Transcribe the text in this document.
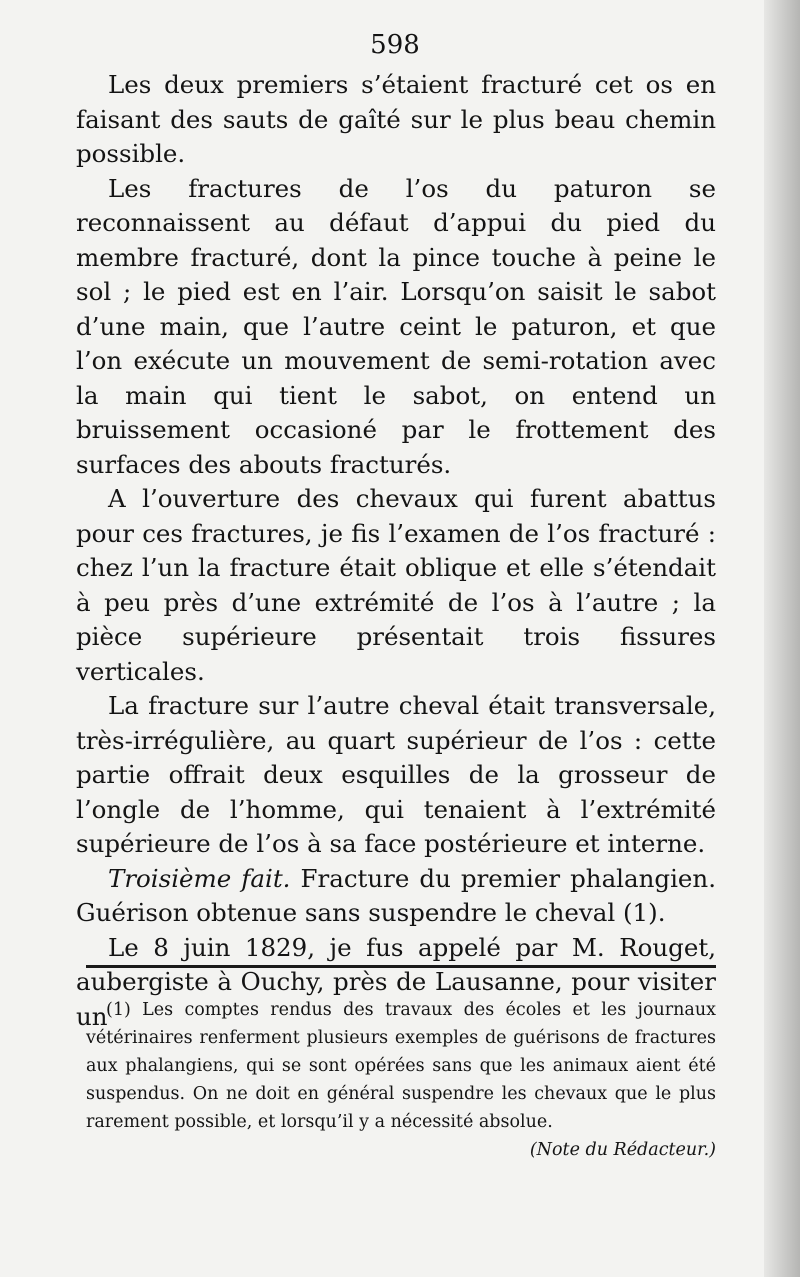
598

Les deux premiers s’étaient fracturé cet os en faisant des sauts de gaîté sur le plus beau chemin possible.

Les fractures de l’os du paturon se reconnaissent au défaut d’appui du pied du membre fracturé, dont la pince touche à peine le sol ; le pied est en l’air. Lorsqu’on saisit le sabot d’une main, que l’autre ceint le paturon, et que l’on exécute un mouvement de semi-rotation avec la main qui tient le sabot, on entend un bruissement occasioné par le frottement des surfaces des abouts fracturés.

A l’ouverture des chevaux qui furent abattus pour ces fractures, je fis l’examen de l’os fracturé : chez l’un la fracture était oblique et elle s’étendait à peu près d’une extrémité de l’os à l’autre ; la pièce supérieure présentait trois fissures verticales.

La fracture sur l’autre cheval était transversale, très-irrégulière, au quart supérieur de l’os : cette partie offrait deux esquilles de la grosseur de l’ongle de l’homme, qui tenaient à l’extrémité supérieure de l’os à sa face postérieure et interne.

Troisième fait. Fracture du premier phalangien. Guérison obtenue sans suspendre le cheval (1).

Le 8 juin 1829, je fus appelé par M. Rouget, aubergiste à Ouchy, près de Lausanne, pour visiter un

(1) Les comptes rendus des travaux des écoles et les journaux vétérinaires renferment plusieurs exemples de guérisons de fractures aux phalangiens, qui se sont opérées sans que les animaux aient été suspendus. On ne doit en général suspendre les chevaux que le plus rarement possible, et lorsqu’il y a nécessité absolue.
(Note du Rédacteur.)
